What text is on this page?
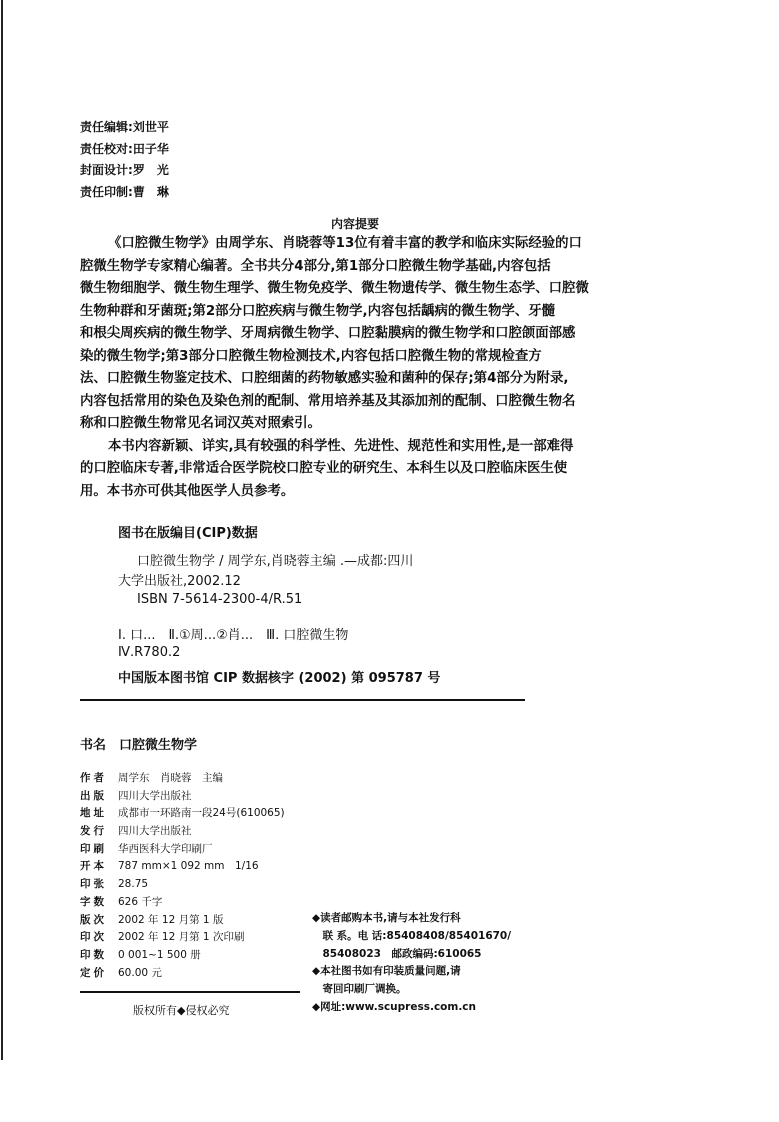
责任编辑:刘世平
责任校对:田子华
封面设计:罗　光
责任印制:曹　琳
内容提要
《口腔微生物学》由周学东、肖晓蓉等13位有着丰富的教学和临床实际经验的口
腔微生物学专家精心编著。全书共分4部分,第1部分口腔微生物学基础,内容包括
微生物细胞学、微生物生理学、微生物免疫学、微生物遗传学、微生物生态学、口腔微
生物种群和牙菌斑;第2部分口腔疾病与微生物学,内容包括龋病的微生物学、牙髓
和根尖周疾病的微生物学、牙周病微生物学、口腔黏膜病的微生物学和口腔颌面部感
染的微生物学;第3部分口腔微生物检测技术,内容包括口腔微生物的常规检查方
法、口腔微生物鉴定技术、口腔细菌的药物敏感实验和菌种的保存;第4部分为附录,
内容包括常用的染色及染色剂的配制、常用培养基及其添加剂的配制、口腔微生物名
称和口腔微生物常见名词汉英对照索引。
本书内容新颖、详实,具有较强的科学性、先进性、规范性和实用性,是一部难得
的口腔临床专著,非常适合医学院校口腔专业的研究生、本科生以及口腔临床医生使
用。本书亦可供其他医学人员参考。
图书在版编目(CIP)数据
口腔微生物学 / 周学东,肖晓蓉主编 .—成都:四川
大学出版社,2002.12
ISBN 7-5614-2300-4/R.51
Ⅰ. 口...　Ⅱ.①周...②肖...　Ⅲ. 口腔微生物
Ⅳ.R780.2
中国版本图书馆 CIP 数据核字 (2002) 第 095787 号
书名　 口腔微生物学
作者 周学东　肖晓蓉　主编
出版 四川大学出版社
地址 成都市一环路南一段24号(610065)
发行 四川大学出版社
印刷 华西医科大学印刷厂
开本 787 mm×1 092 mm　1/16
印张 28.75
字数 626 千字
版次 2002 年 12 月第 1 版
印次 2002 年 12 月第 1 次印刷
印数 0 001~1 500 册
定价 60.00 元
版权所有◆侵权必究
◆读者邮购本书,请与本社发行科
　联 系。电 话:85408408/85401670/
　85408023　邮政编码:610065
◆本社图书如有印装质量问题,请
　寄回印刷厂调换。
◆网址:www.scupress.com.cn
